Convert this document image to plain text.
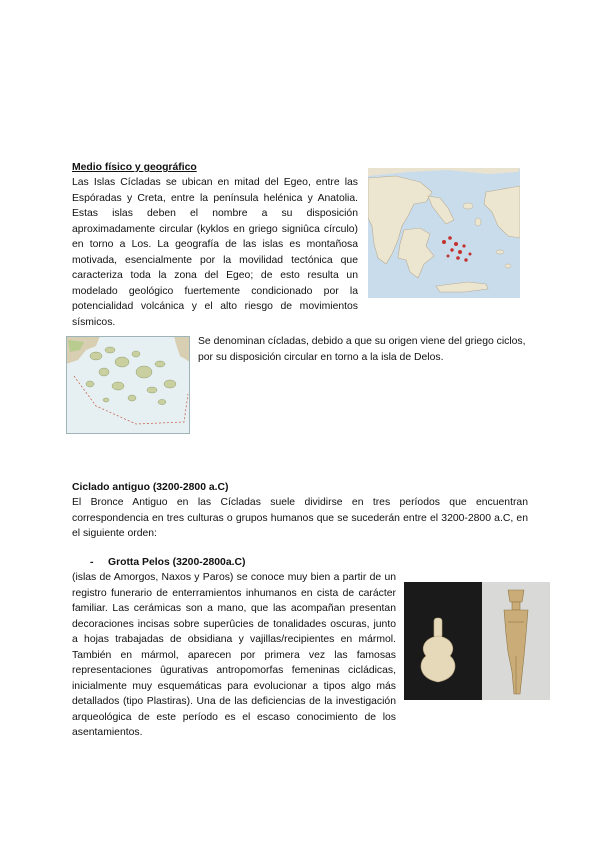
Medio físico y geográfico

Las Islas Cícladas se ubican en mitad del Egeo, entre las Espóradas y Creta, entre la península helénica y Anatolia. Estas islas deben el nombre a su disposición aproximadamente circular (kyklos en griego signiûca círculo) en torno a Los. La geografía de las islas es montañosa motivada, esencialmente por la movilidad tectónica que caracteriza toda la zona del Egeo; de esto resulta un modelado geológico fuertemente condicionado por la potencialidad volcánica y el alto riesgo de movimientos sísmicos.

Se denominan cícladas, debido a que su origen viene del griego ciclos, por su disposición circular en torno a la isla de Delos.

Ciclado antiguo (3200-2800 a.C)

El Bronce Antiguo en las Cícladas suele dividirse en tres períodos que encuentran correspondencia en tres culturas o grupos humanos que se sucederán entre el 3200-2800 a.C, en el siguiente orden:

- Grotta Pelos (3200-2800a.C)

(islas de Amorgos, Naxos y Paros) se conoce muy bien a partir de un registro funerario de enterramientos inhumanos en cista de carácter familiar. Las cerámicas son a mano, que las acompañan presentan decoraciones incisas sobre superûcies de tonalidades oscuras, junto a hojas trabajadas de obsidiana y vajillas/recipientes en mármol. También en mármol, aparecen por primera vez las famosas representaciones ûgurativas antropomorfas femeninas cicládicas, inicialmente muy esquemáticas para evolucionar a tipos algo más detallados (tipo Plastiras). Una de las deficiencias de la investigación arqueológica de este período es el escaso conocimiento de los asentamientos.
